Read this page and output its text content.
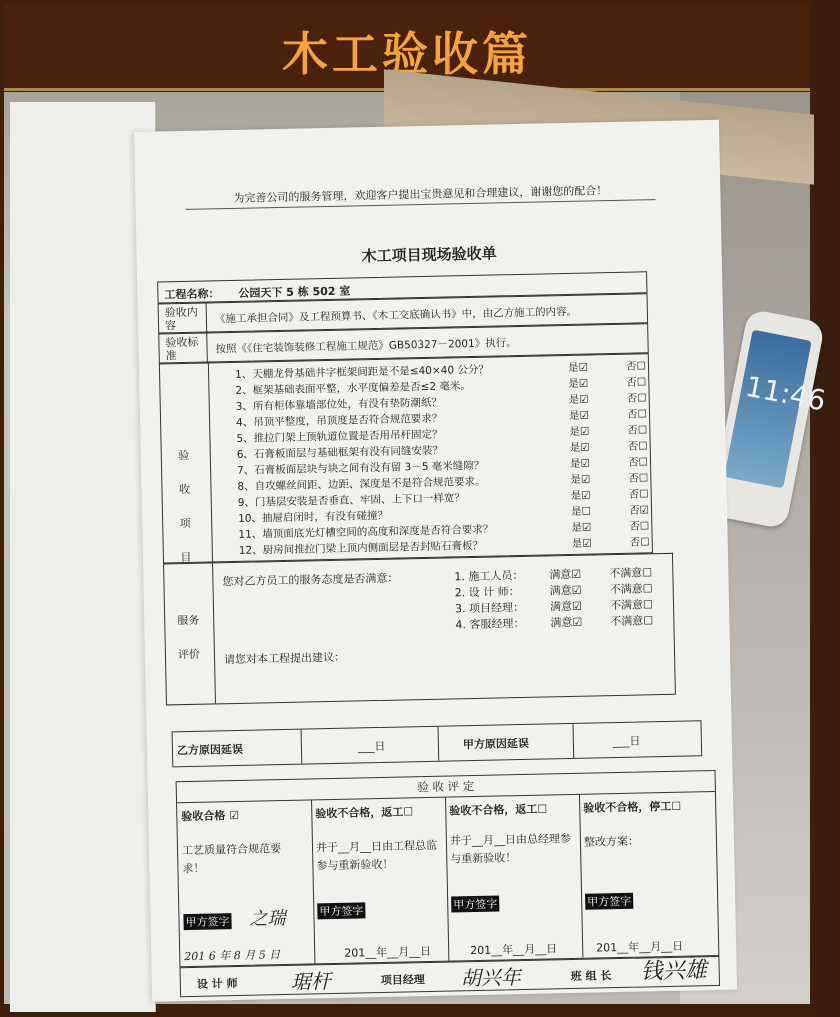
木工验收篇
11:46
为完善公司的服务管理，欢迎客户提出宝贵意见和合理建议，谢谢您的配合！
木工项目现场验收单
工程名称： 公园天下 5 栋 502 室
验收内容
《施工承担合同》及工程预算书、《木工交底确认书》中，由乙方施工的内容。
验收标准
按照《《住宅装饰装修工程施工规范》GB50327－2001》执行。
验收项目
1、天棚龙骨基础井字框架间距是不是≤40×40 公分？	是☑	否☐
2、框架基础表面平整，水平度偏差是否≤2 毫米。	是☑	否☐
3、所有柜体靠墙部位处，有没有垫防潮纸？	是☑	否☐
4、吊顶平整度，吊顶度是否符合规范要求？	是☑	否☐
5、推拉门架上顶轨道位置是否用吊杆固定？	是☑	否☐
6、石膏板面层与基础框架有没有同缝安装？	是☑	否☐
7、石膏板面层块与块之间有没有留 3－5 毫米缝隙？	是☑	否☐
8、自攻螺丝间距、边距、深度是不是符合规范要求。	是☑	否☐
9、门基层安装是否垂直、牢固、上下口一样宽？	是☑	否☐
10、抽屉启闭时，有没有碰撞？	是☐	否☑
11、墙顶面底光灯槽空间的高度和深度是否符合要求？	是☑	否☐
12、厨房间推拉门梁上顶内侧面层是否封贴石膏板？	是☑	否☐
服务评价
您对乙方员工的服务态度是否满意：	1. 施工人员： 满意☑	不满意☐
2. 设 计 师：	满意☑	不满意☐
3. 项目经理： 满意☑	不满意☐
4. 客服经理： 满意☑	不满意☐
请您对本工程提出建议：
乙方原因延误	___日	甲方原因延误	___日
验 收 评 定
验收合格 ☑
工艺质量符合规范要求！
甲方签字 之瑞
201 6 年 8 月 5 日
验收不合格，返工☐
并于__月__日由工程总监参与重新验收！
甲方签字
201__年__月__日
验收不合格，返工☐
并于__月__日由总经理参与重新验收！
甲方签字
201__年__月__日
验收不合格，停工☐
整改方案：
甲方签字
201__年__月__日
设 计 师	琚杆	项目经理 胡兴年	班 组 长 钱兴雄
